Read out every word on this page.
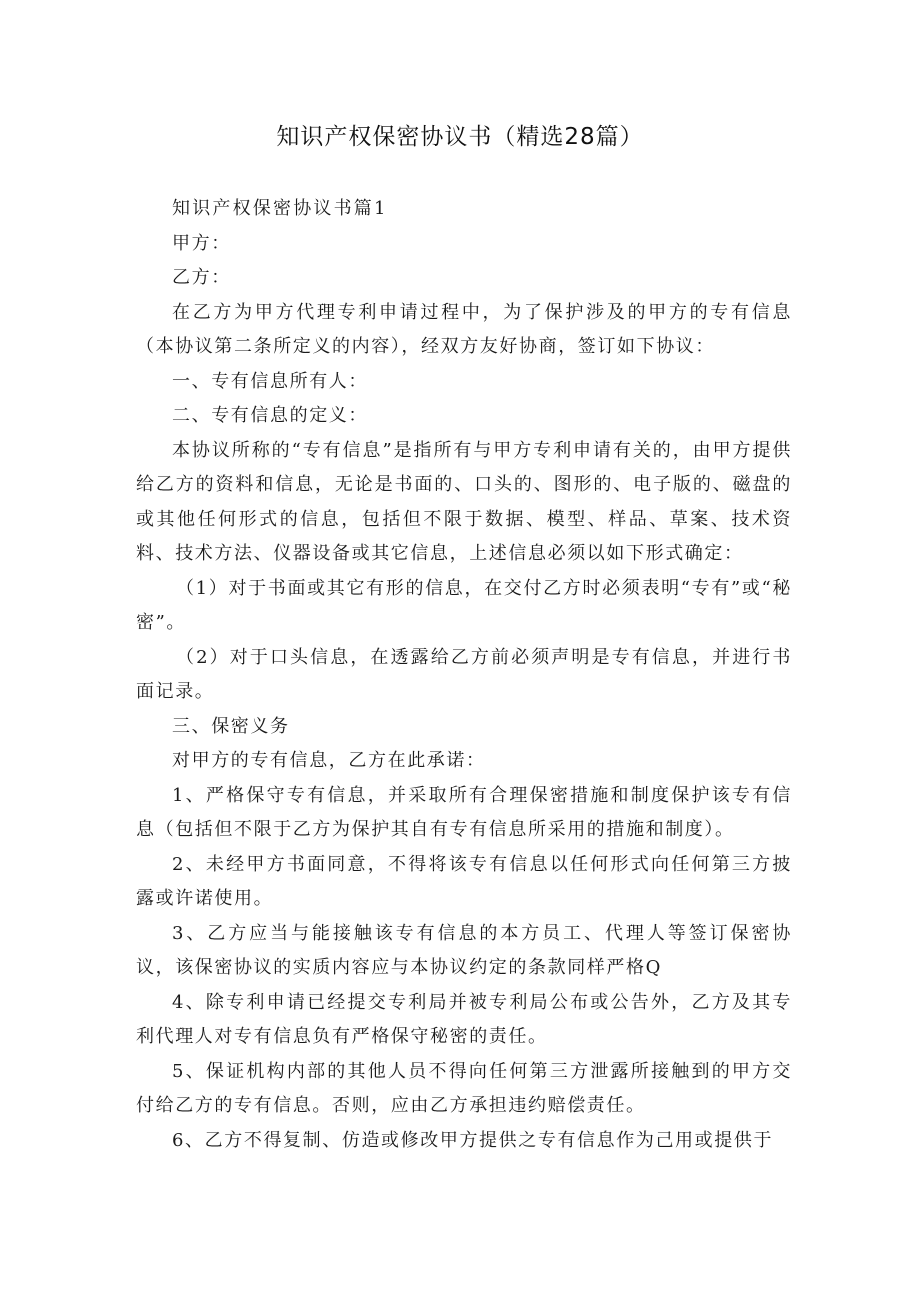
知识产权保密协议书（精选28篇）

知识产权保密协议书篇1

甲方：

乙方：

在乙方为甲方代理专利申请过程中，为了保护涉及的甲方的专有信息（本协议第二条所定义的内容），经双方友好协商，签订如下协议：

一、专有信息所有人：

二、专有信息的定义：

本协议所称的“专有信息”是指所有与甲方专利申请有关的，由甲方提供给乙方的资料和信息，无论是书面的、口头的、图形的、电子版的、磁盘的或其他任何形式的信息，包括但不限于数据、模型、样品、草案、技术资料、技术方法、仪器设备或其它信息，上述信息必须以如下形式确定：

（1）对于书面或其它有形的信息，在交付乙方时必须表明“专有”或“秘密”。

（2）对于口头信息，在透露给乙方前必须声明是专有信息，并进行书面记录。

三、保密义务

对甲方的专有信息，乙方在此承诺：

1、严格保守专有信息，并采取所有合理保密措施和制度保护该专有信息（包括但不限于乙方为保护其自有专有信息所采用的措施和制度）。

2、未经甲方书面同意，不得将该专有信息以任何形式向任何第三方披露或许诺使用。

3、乙方应当与能接触该专有信息的本方员工、代理人等签订保密协议，该保密协议的实质内容应与本协议约定的条款同样严格Q

4、除专利申请已经提交专利局并被专利局公布或公告外，乙方及其专利代理人对专有信息负有严格保守秘密的责任。

5、保证机构内部的其他人员不得向任何第三方泄露所接触到的甲方交付给乙方的专有信息。否则，应由乙方承担违约赔偿责任。

6、乙方不得复制、仿造或修改甲方提供之专有信息作为己用或提供于
